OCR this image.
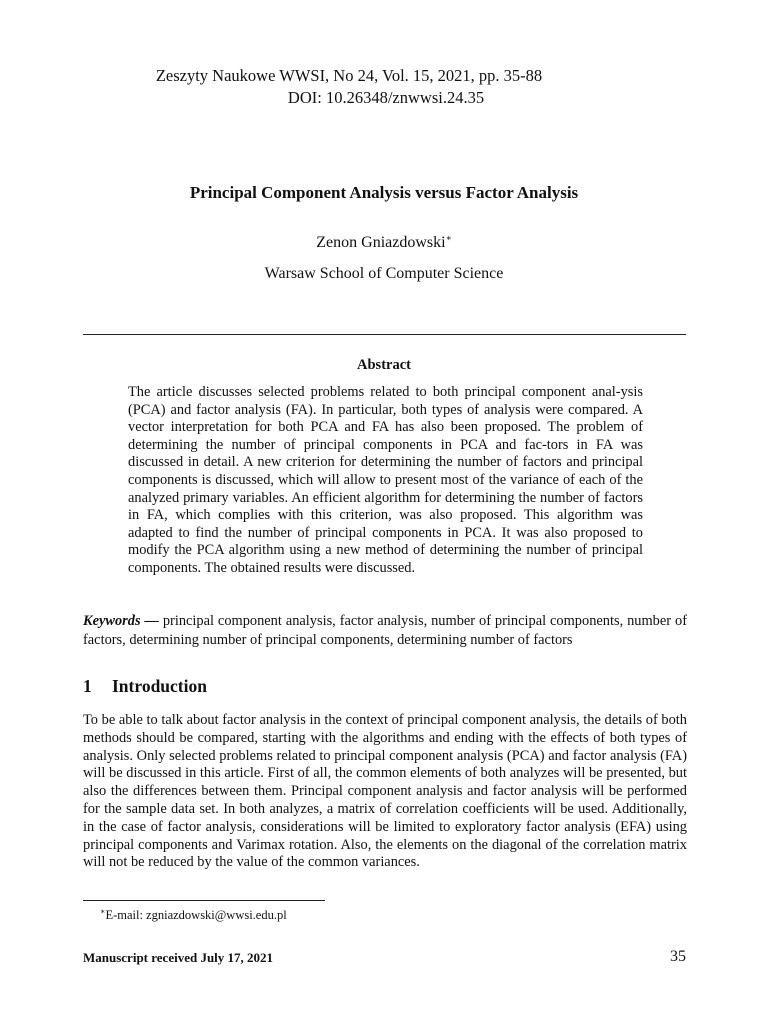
Zeszyty Naukowe WWSI, No 24, Vol. 15, 2021, pp. 35-88
DOI: 10.26348/znwwsi.24.35
Principal Component Analysis versus Factor Analysis
Zenon Gniazdowski∗
Warsaw School of Computer Science
Abstract
The article discusses selected problems related to both principal component anal-ysis (PCA) and factor analysis (FA). In particular, both types of analysis were compared. A vector interpretation for both PCA and FA has also been proposed. The problem of determining the number of principal components in PCA and fac-tors in FA was discussed in detail. A new criterion for determining the number of factors and principal components is discussed, which will allow to present most of the variance of each of the analyzed primary variables. An efficient algorithm for determining the number of factors in FA, which complies with this criterion, was also proposed. This algorithm was adapted to find the number of principal components in PCA. It was also proposed to modify the PCA algorithm using a new method of determining the number of principal components. The obtained results were discussed.
Keywords — principal component analysis, factor analysis, number of principal components, number of factors, determining number of principal components, determining number of factors
1 Introduction
To be able to talk about factor analysis in the context of principal component analysis, the details of both methods should be compared, starting with the algorithms and ending with the effects of both types of analysis. Only selected problems related to principal component analysis (PCA) and factor analysis (FA) will be discussed in this article. First of all, the common elements of both analyzes will be presented, but also the differences between them. Principal component analysis and factor analysis will be performed for the sample data set. In both analyzes, a matrix of correlation coefficients will be used. Additionally, in the case of factor analysis, considerations will be limited to exploratory factor analysis (EFA) using principal components and Varimax rotation. Also, the elements on the diagonal of the correlation matrix will not be reduced by the value of the common variances.
∗E-mail: zgniazdowski@wwsi.edu.pl
Manuscript received July 17, 2021	35
